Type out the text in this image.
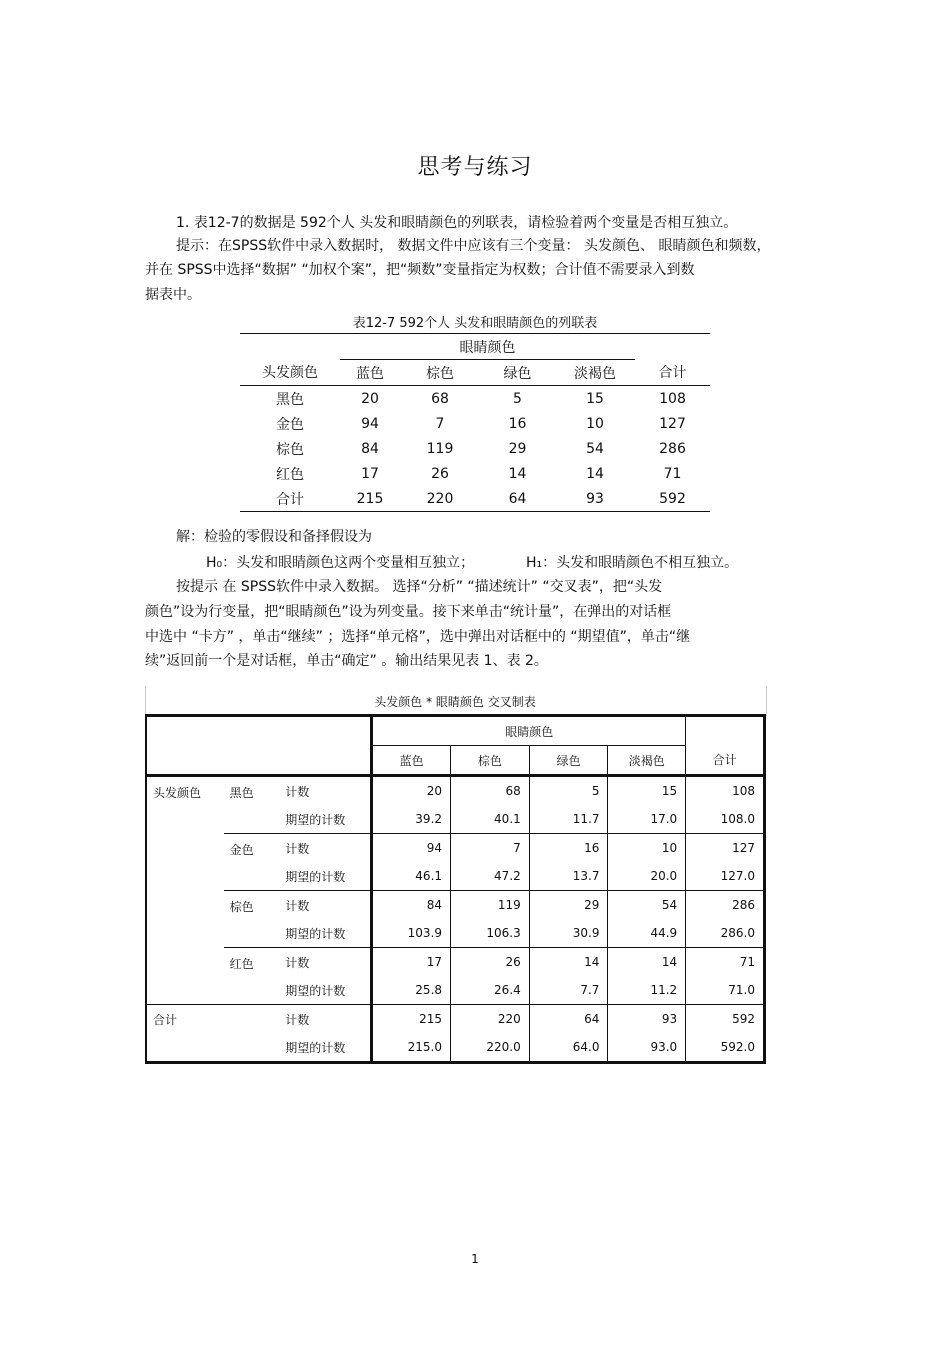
思考与练习
1. 表12-7的数据是 592个人 头发和眼睛颜色的列联表，请检验着两个变量是否相互独立。
提示：在SPSS软件中录入数据时， 数据文件中应该有三个变量： 头发颜色、 眼睛颜色和频数，
并在 SPSS中选择“数据” “加权个案”，把“频数”变量指定为权数；合计值不需要录入到数
据表中。
表12-7 592个人 头发和眼睛颜色的列联表
	眼睛颜色				
头发颜色	蓝色	棕色	绿色	淡褐色	合计
黑色	20	68	5	15	108
金色	94	7	16	10	127
棕色	84	119	29	54	286
红色	17	26	14	14	71
合计	215	220	64	93	592
解：检验的零假设和备择假设为
H₀：头发和眼睛颜色这两个变量相互独立；	H₁：头发和眼睛颜色不相互独立。
按提示 在 SPSS软件中录入数据。 选择“分析” “描述统计” “交叉表”，把“头发
颜色”设为行变量，把“眼睛颜色”设为列变量。接下来单击“统计量”，在弹出的对话框
中选中 “卡方” ，单击“继续” ；选择“单元格”，选中弹出对话框中的 “期望值”，单击“继
续”返回前一个是对话框，单击“确定” 。输出结果见表 1、表 2。
头发颜色 * 眼睛颜色 交叉制表
			眼睛颜色				合计
			蓝色	棕色	绿色	淡褐色	
头发颜色	黑色	计数	20	68	5	15	108
		期望的计数	39.2	40.1	11.7	17.0	108.0
	金色	计数	94	7	16	10	127
		期望的计数	46.1	47.2	13.7	20.0	127.0
	棕色	计数	84	119	29	54	286
		期望的计数	103.9	106.3	30.9	44.9	286.0
	红色	计数	17	26	14	14	71
		期望的计数	25.8	26.4	7.7	11.2	71.0
合计		计数	215	220	64	93	592
		期望的计数	215.0	220.0	64.0	93.0	592.0
1
